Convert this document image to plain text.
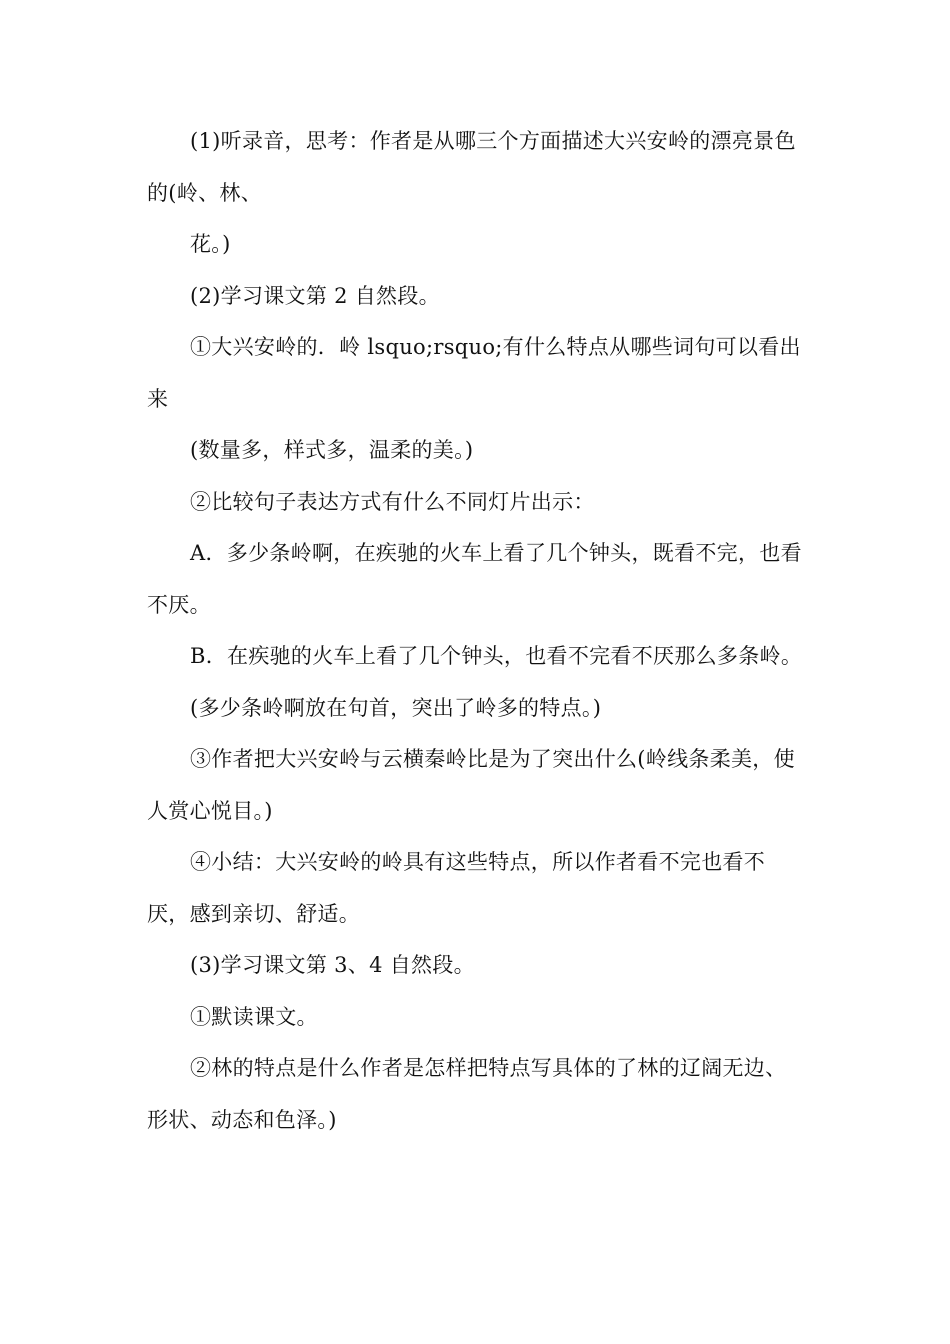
(1)听录音，思考：作者是从哪三个方面描述大兴安岭的漂亮景色的(岭、林、

花。)

(2)学习课文第 2 自然段。

①大兴安岭的．岭 lsquo;rsquo;有什么特点从哪些词句可以看出来

(数量多，样式多，温柔的美。)

②比较句子表达方式有什么不同灯片出示：

A．多少条岭啊，在疾驰的火车上看了几个钟头，既看不完，也看不厌。

B．在疾驰的火车上看了几个钟头，也看不完看不厌那么多条岭。

(多少条岭啊放在句首，突出了岭多的特点。)

③作者把大兴安岭与云横秦岭比是为了突出什么(岭线条柔美，使人赏心悦目。)

④小结：大兴安岭的岭具有这些特点，所以作者看不完也看不厌，感到亲切、舒适。

(3)学习课文第 3、4 自然段。

①默读课文。

②林的特点是什么作者是怎样把特点写具体的了林的辽阔无边、形状、动态和色泽。)
